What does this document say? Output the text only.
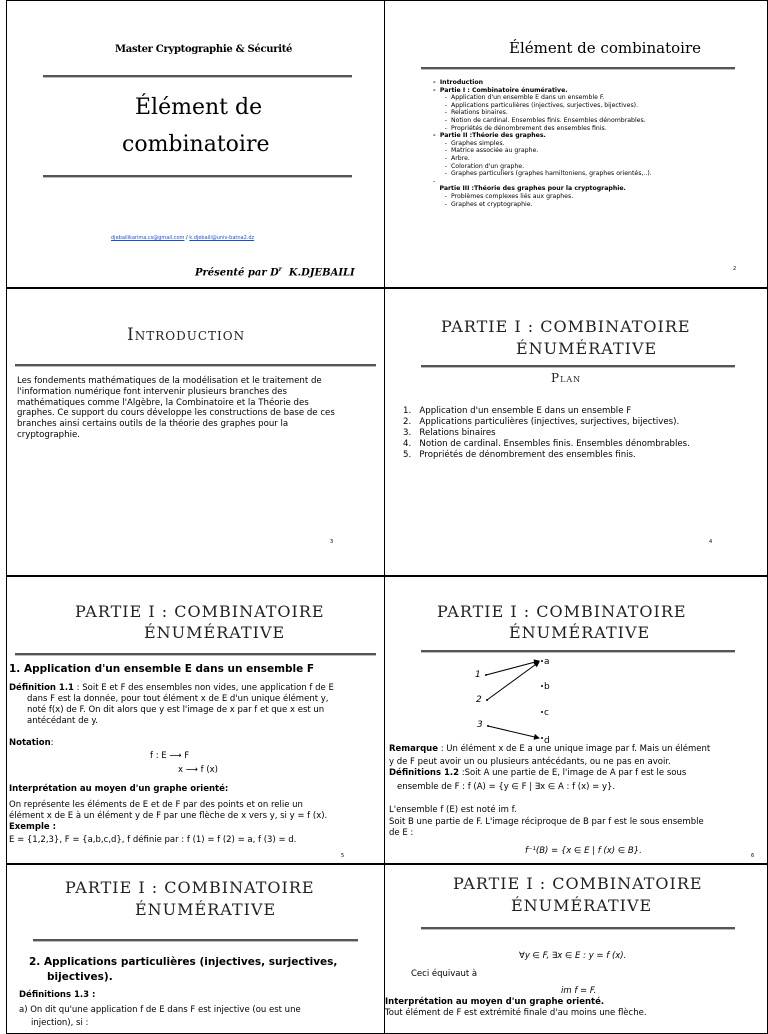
Master Cryptographie & Sécurité
Élément de
combinatoire
djebailikarima.cs@gmail.com / k.djebaili@univ-batna2.dz
Présenté par $D^r$ K.DJEBAILI
Élément de combinatoire
-  Introduction
-  Partie I : Combinatoire énumérative.
-  Application d'un ensemble E dans un ensemble F.
-  Applications particulières (injectives, surjectives, bijectives).
-  Relations binaires.
-  Notion de cardinal. Ensembles finis. Ensembles dénombrables.
-  Propriétés de dénombrement des ensembles finis.
-  Partie II :Théorie des graphes.
-  Graphes simples.
-  Matrice associée au graphe.
-  Arbre.
-  Coloration d'un graphe.
-  Graphes particuliers (graphes hamiltoniens, graphes orientés,..).
-
Partie III :Théorie des graphes pour la cryptographie.
-  Problèmes complexes liés aux graphes.
-  Graphes et cryptographie.
2
Introduction
Les fondements mathématiques de la modélisation et le traitement de
l'information numérique font intervenir plusieurs branches des
mathématiques comme l'Algèbre, la Combinatoire et la Théorie des
graphes. Ce support du cours développe les constructions de base de ces
branches ainsi certains outils de la théorie des graphes pour la
cryptographie.
3
PARTIE I : COMBINATOIRE
ÉNUMÉRATIVE
Plan
1.   Application d'un ensemble E dans un ensemble F
2.   Applications particulières (injectives, surjectives, bijectives).
3.   Relations binaires
4.   Notion de cardinal. Ensembles finis. Ensembles dénombrables.
5.   Propriétés de dénombrement des ensembles finis.
4
PARTIE I : COMBINATOIRE
ÉNUMÉRATIVE
1. Application d'un ensemble E dans un ensemble F
Définition 1.1 : Soit E et F des ensembles non vides, une application f de E
dans F est la donnée, pour tout élément x de E d'un unique élément y,
noté f(x) de F. On dit alors que y est l'image de x par f et que x est un
antécédant de y.
Notation:
f : E ⟶ F
x ⟶ f (x)
Interprétation au moyen d'un graphe orienté:
On représente les éléments de E et de F par des points et on relie un
élément x de E à un élément y de F par une flèche de x vers y, si y = f (x).
Exemple :
E = {1,2,3}, F = {a,b,c,d}, f définie par : f (1) = f (2) = a, f (3) = d.
5
PARTIE I : COMBINATOIRE
ÉNUMÉRATIVE
1
2
3
a
b
c
d
Remarque : Un élément x de E a une unique image par f. Mais un élément
y de F peut avoir un ou plusieurs antécédants, ou ne pas en avoir.
Définitions 1.2 :Soit A une partie de E, l'image de A par f est le sous
ensemble de F : f (A) = {y ∈ F | ∃x ∈ A : f (x) = y}.
L'ensemble f (E) est noté im f.
Soit B une partie de F. L'image réciproque de B par f est le sous ensemble
de E :
f⁻¹(B) = {x ∈ E | f (x) ∈ B}.	6
PARTIE I : COMBINATOIRE
ÉNUMÉRATIVE
2. Applications particulières (injectives, surjectives,
bijectives).
Définitions 1.3 :
a) On dit qu'une application f de E dans F est injective (ou est une
injection), si :
PARTIE I : COMBINATOIRE
ÉNUMÉRATIVE
∀y ∈ F, ∃x ∈ E : y = f (x).
Ceci équivaut à
im f = F.
Interprétation au moyen d'un graphe orienté.
Tout élément de F est extrémité finale d'au moins une flèche.
